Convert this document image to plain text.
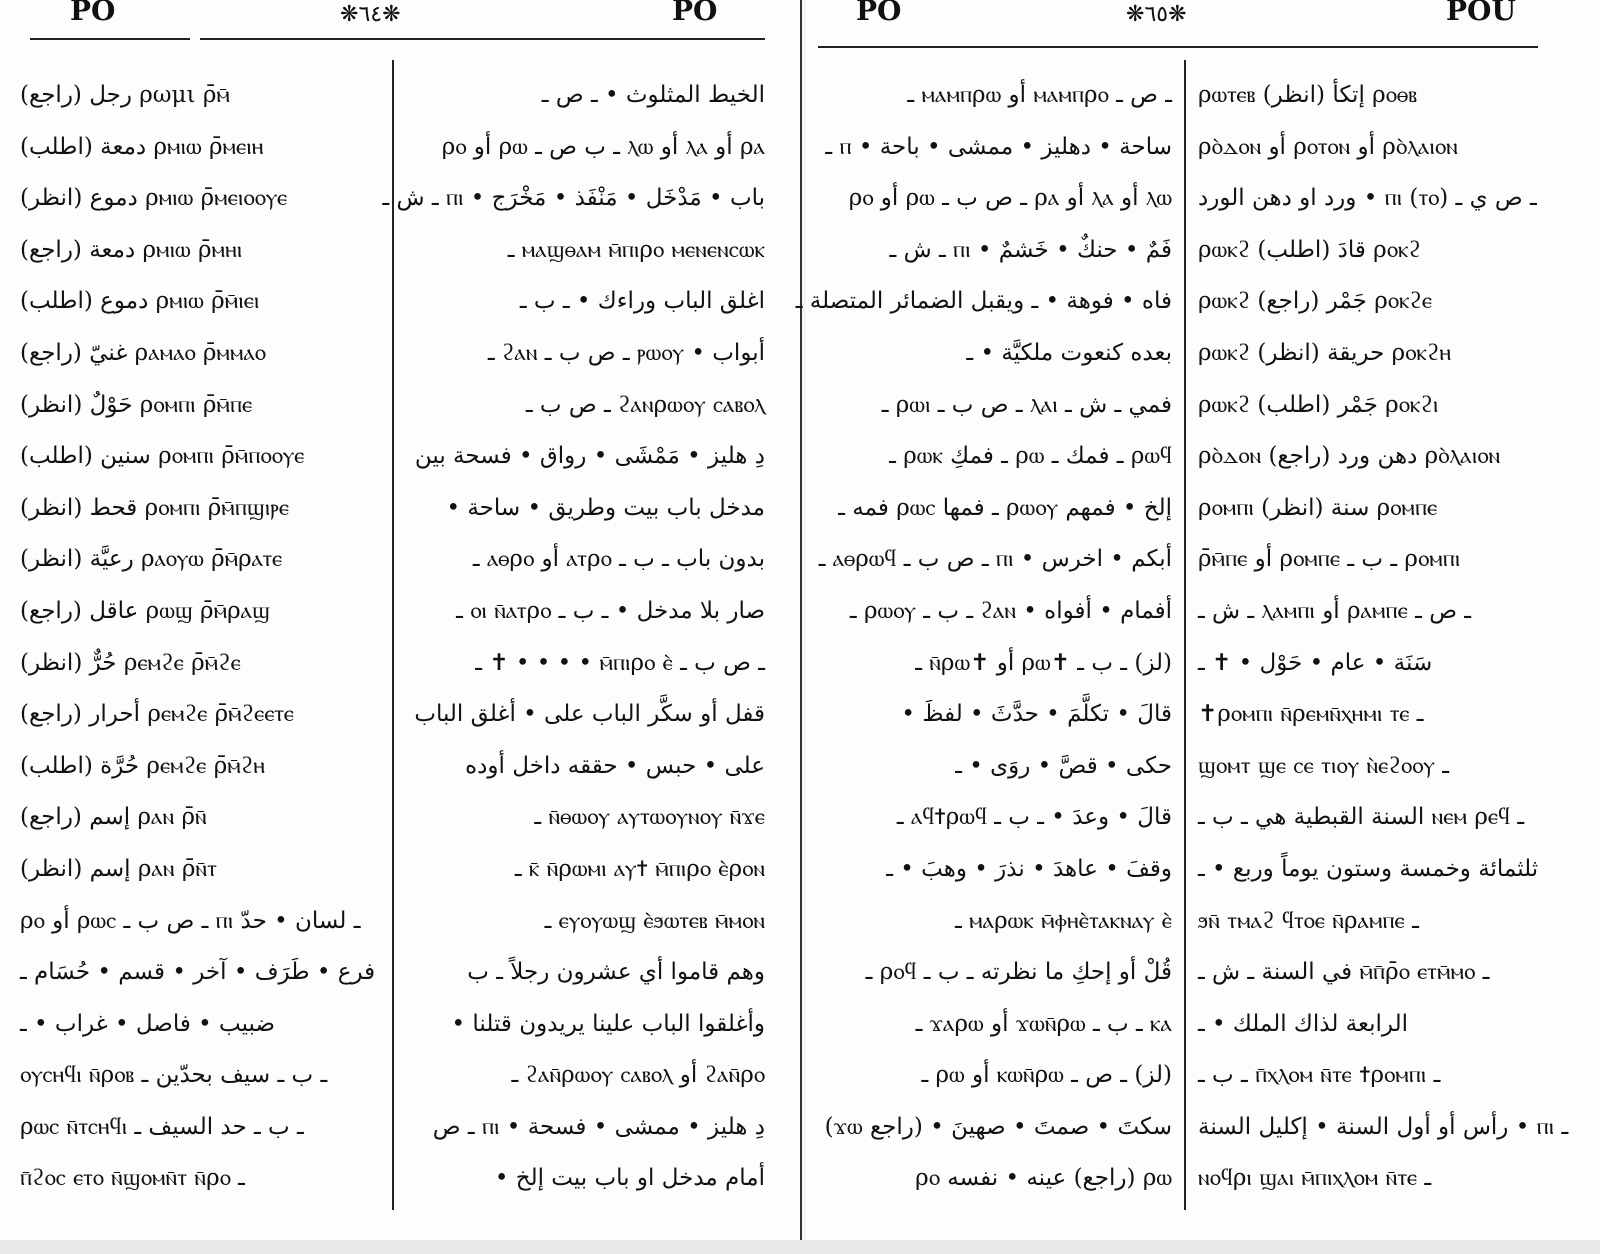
PO	❋٦٤❋	PO
رجل (راجع) ρωμι ρ̄ⲙ̄
دمعة (اطلب) ρⲙⲓⲱ ρ̄ⲙⲉⲓⲏ
دموع (انظر) ρⲙⲓⲱ ρ̄ⲙⲉⲓⲟⲟⲩⲉ
دمعة (راجع) ρⲙⲓⲱ ρ̄ⲙⲏⲓ
دموع (اطلب) ρⲙⲓⲱ ρ̄ⲙ̄ⲓⲉⲓ
غنيّ (راجع) ρⲁⲙⲁⲟ ρ̄ⲙⲙⲁⲟ
حَوْلٌ (انظر) ρⲟⲙⲡⲓ ρ̄ⲙ̄ⲡⲉ
سنين (اطلب) ρⲟⲙⲡⲓ ρ̄ⲙ̄ⲡⲟⲟⲩⲉ
قحط (انظر) ρⲟⲙⲡⲓ ρ̄ⲙ̄ⲡϣⲓⲣⲉ
رعيَّة (انظر) ρⲁⲟⲩⲱ ρ̄ⲙ̄ρⲁⲧⲉ
عاقل (راجع) ρⲱϣ ρ̄ⲙ̄ρⲁϣ
حُرٌّ (انظر) ρⲉⲙϩⲉ ρ̄ⲙ̄ϩⲉ
أحرار (راجع) ρⲉⲙϩⲉ ρ̄ⲙ̄ϩⲉⲉⲧⲉ
حُرَّة (اطلب) ρⲉⲙϩⲉ ρ̄ⲙ̄ϩⲏ
إسم (راجع) ρⲁⲛ ρ̄ⲛ̄
إسم (انظر) ρⲁⲛ ρ̄ⲛ̄ⲧ
ρⲟ أو ρⲱⲥ ـ ص ب ـ ⲡⲓ ـ لسان • حدّ
فرع • طَرَف • آخر • قسم • حُسَام ـ
ضبيب • فاصل • غراب • ـ
ⲟⲩⲥⲏϥⲓ ⲛ̄ρⲟⲃ ـ ب ـ سيف بحدّين ـ
ρⲱⲥ ⲛ̄ⲧⲥⲏϥⲓ ـ ب ـ حد السيف ـ
ⲡ̄ϩⲟⲥ ⲉⲧⲟ ⲛ̄ϣⲟⲙⲛ̄ⲧ ⲛ̄ρⲟ ـ
الخيط المثلوث • ـ ص ـ
ρⲁ أو ⲗⲁ أو ⲗⲱ ـ ب ص ـ ρⲱ أو ρⲟ
باب • مَدْخَل • مَنْفَذ • مَخْرَج • ⲡⲓ ـ ش ـ
ⲙⲁϣⲑⲁⲙ ⲙ̄ⲡⲓρⲟ ⲙⲉⲛⲉⲛⲥⲱⲕ ـ
اغلق الباب وراءك • ـ ب ـ
أبواب • ⲣⲱⲟⲩ ـ ص ب ـ ϩⲁⲛ ـ
ϩⲁⲛρⲱⲟⲩ ⲥⲁⲃⲟⲗ ـ ص ب ـ
دِ هليز • مَمْشَى • رواق • فسحة بين
مدخل باب بيت وطريق • ساحة •
بدون باب ـ ب ـ ⲁⲧρⲟ أو ⲁⲑρⲟ ـ
صار بلا مدخل • ـ ب ـ ⲟⲓ ⲛ̄ⲁⲧρⲟ ـ
ـ ص ب ـ ⲙ̄ⲡⲓρⲟ ⲉ̀ • • • • ✝ ـ
قفل أو سكَّر الباب على • أغلق الباب
على • حبس • حققه داخل أوده
ⲛ̄ⲑⲱⲟⲩ ⲁⲩⲧⲱⲟⲩⲛⲟⲩ ⲛ̄ϫⲉ ـ
ⲕ̄ ⲛ̄ρⲱⲙⲓ ⲁⲩ✝ ⲙ̄ⲡⲓρⲟ ⲉ̀ρⲟⲛ ـ
ⲉⲩⲟⲩⲱϣ ⲉ̀ϧⲱⲧⲉⲃ ⲙ̄ⲙⲟⲛ ـ
وهم قاموا أي عشرون رجلاً ـ ب
وأغلقوا الباب علينا يريدون قتلنا •
ϩⲁⲛ̄ρⲟ أو ϩⲁⲛ̄ρⲱⲟⲩ ⲥⲁⲃⲟⲗ ـ
دِ هليز • ممشى • فسحة • ⲡⲓ ـ ص
أمام مدخل او باب بيت إلخ •
PO	❋٦٥❋	POU
ـ ص ـ ⲙⲁⲙⲡρⲟ أو ⲙⲁⲙⲡρⲱ ـ
ساحة • دهليز • ممشى • باحة • ⲡ ـ
ⲗⲱ أو ⲗⲁ أو ρⲁ ـ ص ب ـ ρⲱ أو ρⲟ
فَمٌ • حنكٌ • خَشمٌ • ⲡⲓ ـ ش ـ
فاه • فوهة • ـ ويقبل الضمائر المتصلة ـ
بعده كنعوت ملكيَّة • ـ
فمي ـ ش ـ ⲗⲁⲓ ـ ص ب ـ ρⲱⲓ ـ
ρⲱϥ ـ فمك ـ ρⲱ ـ فمكِ ρⲱⲕ ـ
إلخ • فمهم ρⲱⲟⲩ ـ فمها ρⲱⲥ فمه ـ
أبكم • اخرس • ⲡⲓ ـ ص ب ـ ⲁⲑρⲱϥ ـ
أفمام • أفواه • ϩⲁⲛ ـ ب ـ ρⲱⲟⲩ ـ
(لز) ـ ب ـ ✝ρⲱ أو ✝ⲛ̄ρⲱ ـ
قالَ • تكلَّمَ • حدَّثَ • لفظَ •
حكى • قصَّ • روَى • ـ
قالَ • وعدَ • ـ ب ـ ⲁϥ✝ρⲱϥ ـ
وقفَ • عاهدَ • نذرَ • وهبَ • ـ
ⲙⲁρⲱⲕ ⲙ̄ⲫⲏⲉ̀ⲧⲁⲕⲛⲁⲩ ⲉ̀ ـ
قُلْ أو إحكِ ما نظرته ـ ب ـ ρⲟϥ ـ
ⲕⲁ ـ ب ـ ϫⲱⲛ̄ρⲱ أو ϫⲁρⲱ ـ
(لز) ـ ص ـ ⲕⲱⲛ̄ρⲱ أو ρⲱ ـ
سكتَ • صمتَ • صهينَ • (راجع ϫⲱ)
ρⲱ (راجع) عينه • نفسه ρⲟ
ρⲱⲧⲉⲃ (انظر) إتكأ ρⲟⲑⲃ
ρⲟ̀ⲇⲟⲛ أو ρⲟⲧⲟⲛ أو ρⲟ̀ⲗⲁⲓⲟⲛ
ورد او دهن الورد • ⲡⲓ (ⲧⲟ) ـ ص ي ـ
ρⲱⲕϩ (اطلب) قادَ ρⲟⲕϩ
ρⲱⲕϩ (راجع) جَمْر ρⲟⲕϩⲉ
ρⲱⲕϩ (انظر) حريقة ρⲟⲕϩⲏ
ρⲱⲕϩ (اطلب) جَمْر ρⲟⲕϩⲓ
ρⲟ̀ⲇⲟⲛ (راجع) دهن ورد ρⲟ̀ⲗⲁⲓⲟⲛ
ρⲟⲙⲡⲓ (انظر) سنة ρⲟⲙⲡⲉ
ρ̄ⲙ̄ⲡⲉ أو ρⲟⲙⲡⲉ ـ ب ـ ρⲟⲙⲡⲓ
ـ ش ـ ⲗⲁⲙⲡⲓ أو ρⲁⲙⲡⲉ ـ ص ـ
سَنَة • عام • حَوْل • ✝ ـ
✝ρⲟⲙⲡⲓ ⲛ̄ρⲉⲙⲛ̄ⲭⲏⲙⲓ ⲧⲉ ـ
ϣⲟⲙⲧ ϣⲉ ⲥⲉ ⲧⲓⲟⲩ ⲛ̀ⲉϩⲟⲟⲩ ـ
السنة القبطية هي ـ ب ـ ⲛⲉⲙ ρⲉϥ ـ
ثلثمائة وخمسة وستون يوماً وربع • ـ
ϧⲛ̄ ⲧⲙⲁϩ ϥⲧⲟⲉ ⲛ̄ρⲁⲙⲡⲉ ـ
في السنة ـ ش ـ ⲙ̄ⲡ̄ρ̄ⲟ ⲉⲧⲙ̄ⲙⲟ ـ
الرابعة لذاك الملك • ـ
ـ ب ـ ⲡ̄ⲭⲗⲟⲙ ⲛ̄ⲧⲉ ✝ρⲟⲙⲡⲓ ـ
رأس أو أول السنة • إكليل السنة • ⲡⲓ ـ
ⲛⲟϥρⲓ ϣⲁⲓ ⲙ̄ⲡⲓⲭⲗⲟⲙ ⲛ̄ⲧⲉ ـ
